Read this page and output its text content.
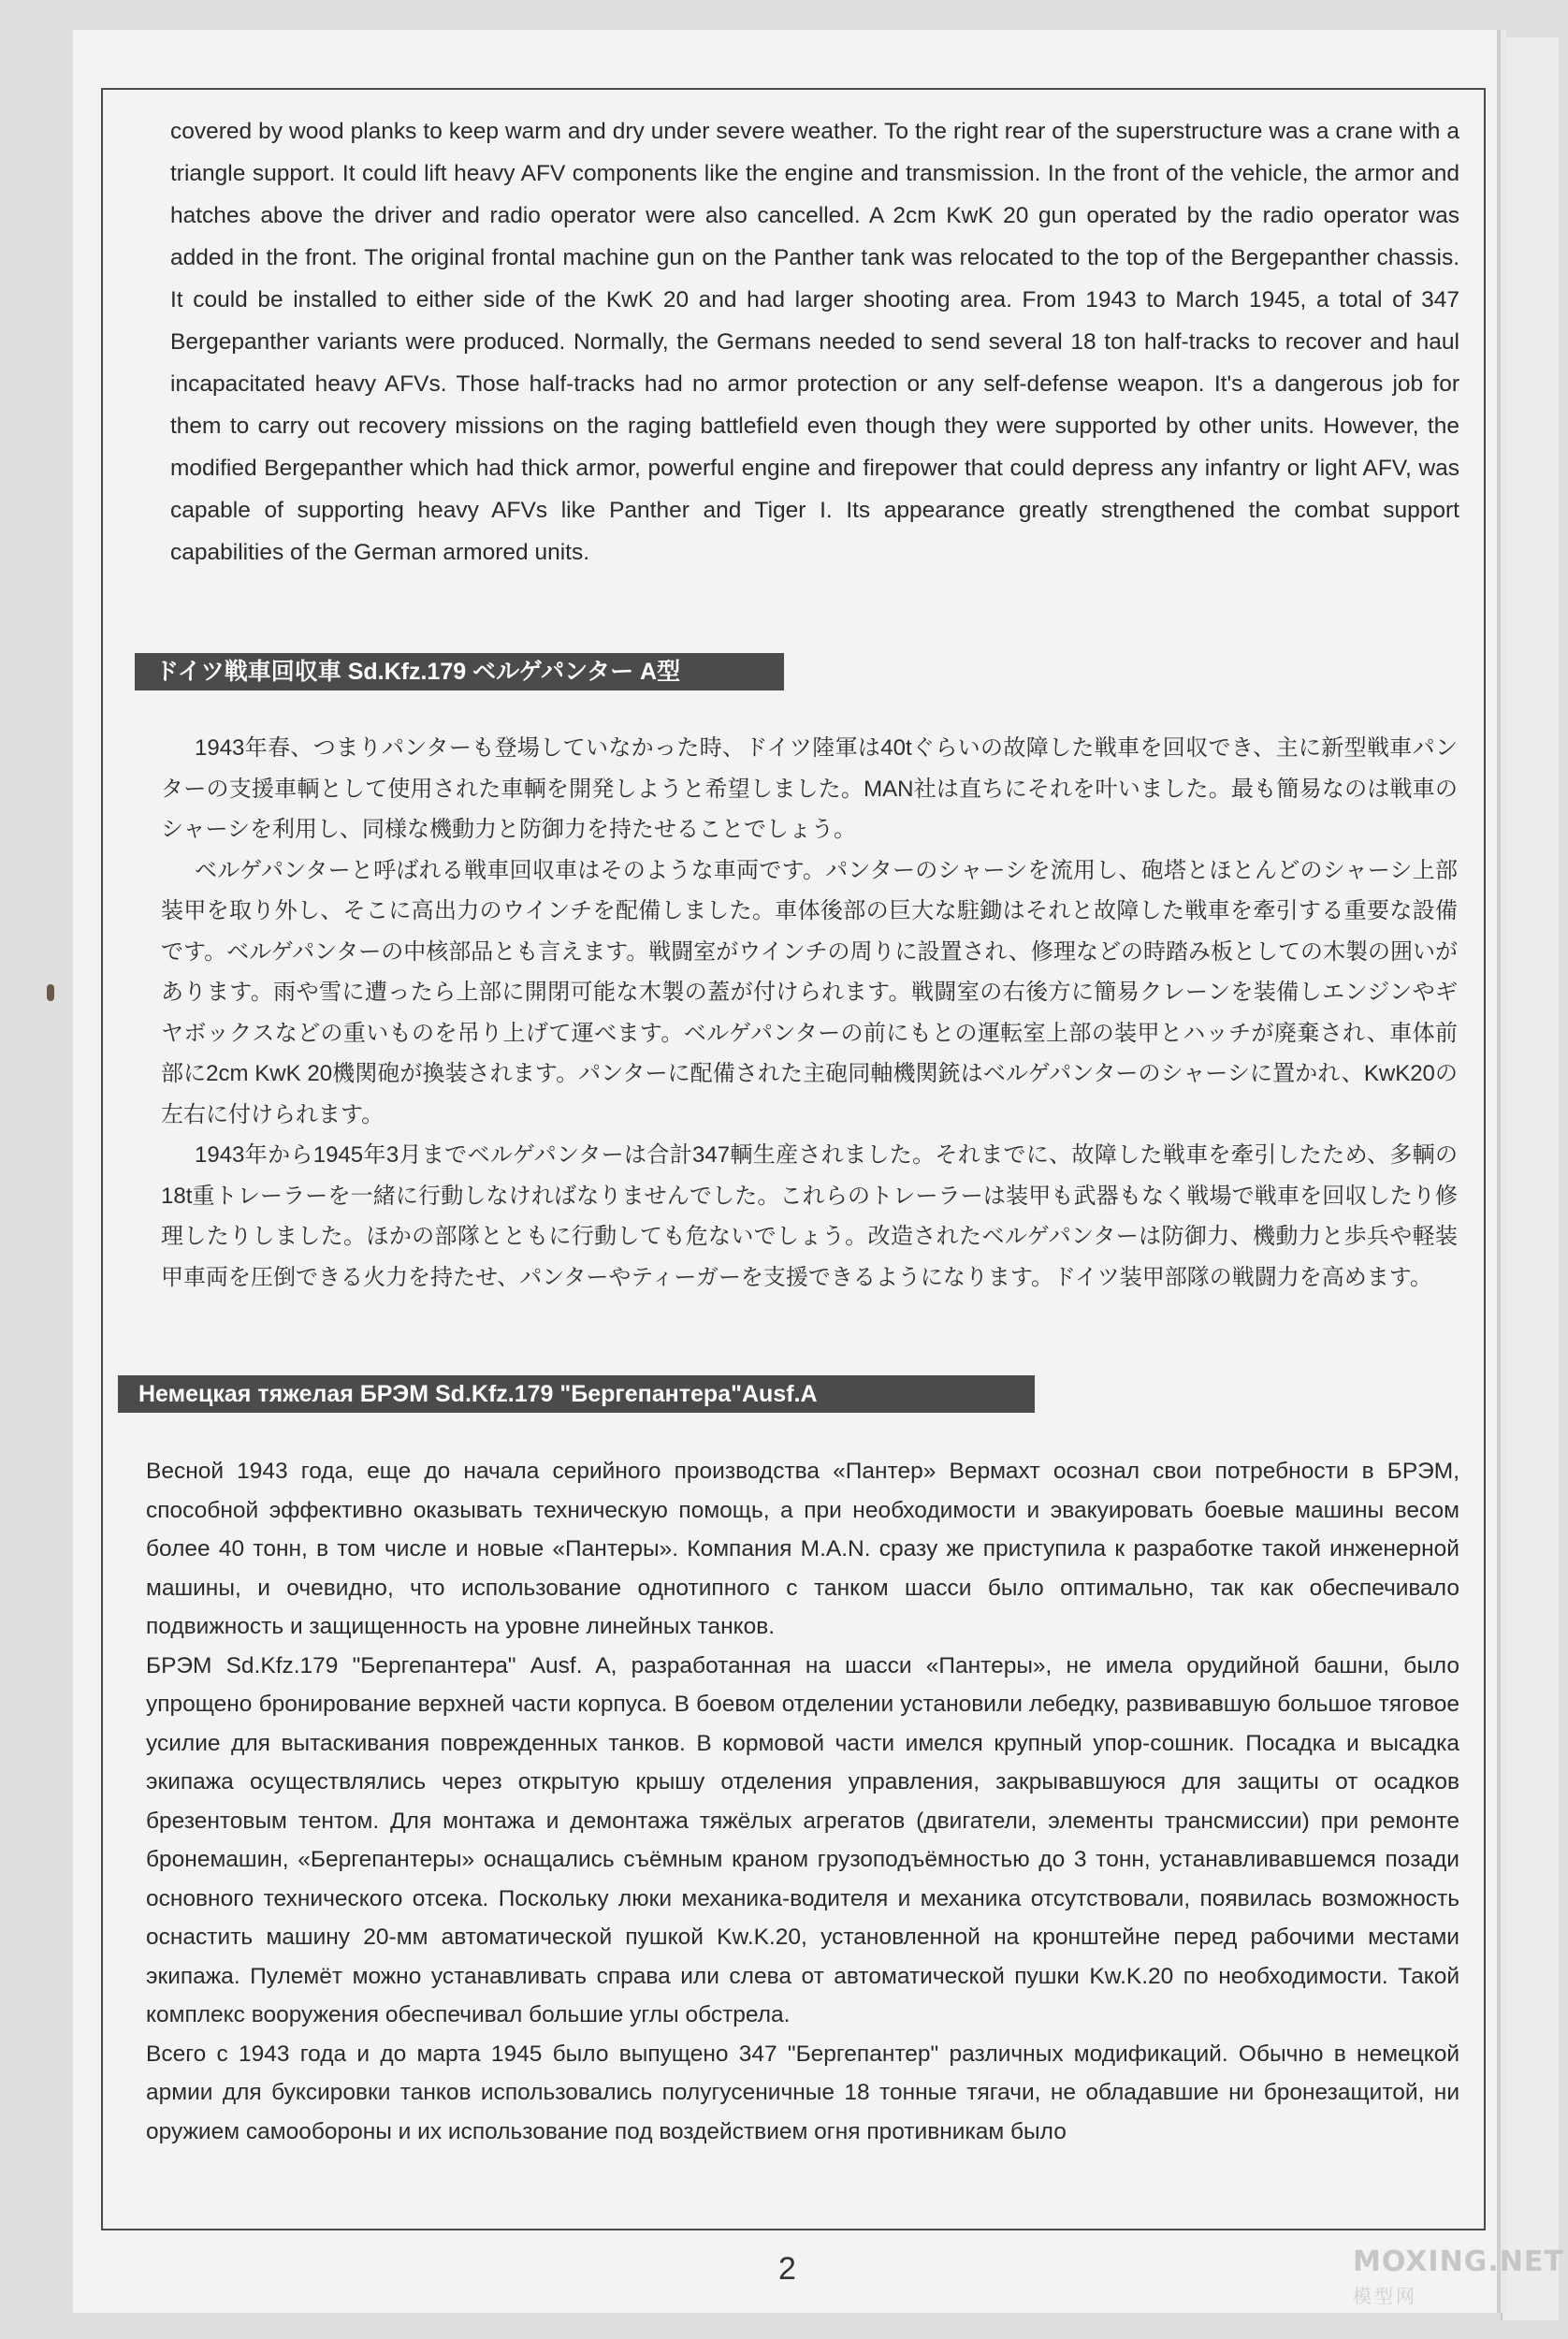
covered by wood planks to keep warm and dry under severe weather. To the right rear of the superstructure was a crane with a triangle support. It could lift heavy AFV components like the engine and transmission. In the front of the vehicle, the armor and hatches above the driver and radio operator were also cancelled. A 2cm KwK 20 gun operated by the radio operator was added in the front. The original frontal machine gun on the Panther tank was relocated to the top of the Bergepanther chassis. It could be installed to either side of the KwK 20 and had larger shooting area. From 1943 to March 1945, a total of 347 Bergepanther variants were produced. Normally, the Germans needed to send several 18 ton half-tracks to recover and haul incapacitated heavy AFVs. Those half-tracks had no armor protection or any self-defense weapon. It's a dangerous job for them to carry out recovery missions on the raging battlefield even though they were supported by other units. However, the modified Bergepanther which had thick armor, powerful engine and firepower that could depress any infantry or light AFV, was capable of supporting heavy AFVs like Panther and Tiger I. Its appearance greatly strengthened the combat support capabilities of the German armored units.

ドイツ戦車回収車 Sd.Kfz.179 ベルゲパンター A型

1943年春、つまりパンターも登場していなかった時、ドイツ陸軍は40tぐらいの故障した戦車を回収でき、主に新型戦車パンターの支援車輌として使用された車輌を開発しようと希望しました。MAN社は直ちにそれを叶いました。最も簡易なのは戦車のシャーシを利用し、同様な機動力と防御力を持たせることでしょう。

ベルゲパンターと呼ばれる戦車回収車はそのような車両です。パンターのシャーシを流用し、砲塔とほとんどのシャーシ上部装甲を取り外し、そこに高出力のウインチを配備しました。車体後部の巨大な駐鋤はそれと故障した戦車を牽引する重要な設備です。ベルゲパンターの中核部品とも言えます。戦闘室がウインチの周りに設置され、修理などの時踏み板としての木製の囲いがあります。雨や雪に遭ったら上部に開閉可能な木製の蓋が付けられます。戦闘室の右後方に簡易クレーンを装備しエンジンやギヤボックスなどの重いものを吊り上げて運べます。ベルゲパンターの前にもとの運転室上部の装甲とハッチが廃棄され、車体前部に2cm KwK 20機関砲が換装されます。パンターに配備された主砲同軸機関銃はベルゲパンターのシャーシに置かれ、KwK20の左右に付けられます。

1943年から1945年3月までベルゲパンターは合計347輌生産されました。それまでに、故障した戦車を牽引したため、多輌の18t重トレーラーを一緒に行動しなければなりませんでした。これらのトレーラーは装甲も武器もなく戦場で戦車を回収したり修理したりしました。ほかの部隊とともに行動しても危ないでしょう。改造されたベルゲパンターは防御力、機動力と歩兵や軽装甲車両を圧倒できる火力を持たせ、パンターやティーガーを支援できるようになります。ドイツ装甲部隊の戦闘力を高めます。

Немецкая тяжелая БРЭМ Sd.Kfz.179 "Бергепантера"Ausf.A

Весной 1943 года, еще до начала серийного производства «Пантер» Вермахт осознал свои потребности в БРЭМ, способной эффективно оказывать техническую помощь, а при необходимости и эвакуировать боевые машины весом более 40 тонн, в том числе и новые «Пантеры». Компания M.A.N. сразу же приступила к разработке такой инженерной машины, и очевидно, что использование однотипного с танком шасси было оптимально, так как обеспечивало подвижность и защищенность на уровне линейных танков.

БРЭМ Sd.Kfz.179 "Бергепантера" Ausf. A, разработанная на шасси «Пантеры», не имела орудийной башни, было упрощено бронирование верхней части корпуса. В боевом отделении установили лебедку, развивавшую большое тяговое усилие для вытаскивания поврежденных танков. В кормовой части имелся крупный упор-сошник. Посадка и высадка экипажа осуществлялись через открытую крышу отделения управления, закрывавшуюся для защиты от осадков брезентовым тентом. Для монтажа и демонтажа тяжёлых агрегатов (двигатели, элементы трансмиссии) при ремонте бронемашин, «Бергепантеры» оснащались съёмным краном грузоподъёмностью до 3 тонн, устанавливавшемся позади основного технического отсека. Поскольку люки механика-водителя и механика отсутствовали, появилась возможность оснастить машину 20-мм автоматической пушкой Kw.K.20, установленной на кронштейне перед рабочими местами экипажа. Пулемёт можно устанавливать справа или слева от автоматической пушки Kw.K.20 по необходимости. Такой комплекс вооружения обеспечивал большие углы обстрела.

Всего с 1943 года и до марта 1945 было выпущено 347 "Бергепантер" различных модификаций. Обычно в немецкой армии для буксировки танков использовались полугусеничные 18 тонные тягачи, не обладавшие ни бронезащитой, ни оружием самообороны и их использование под воздействием огня противникам было

2	MOXING.NET
模型网
